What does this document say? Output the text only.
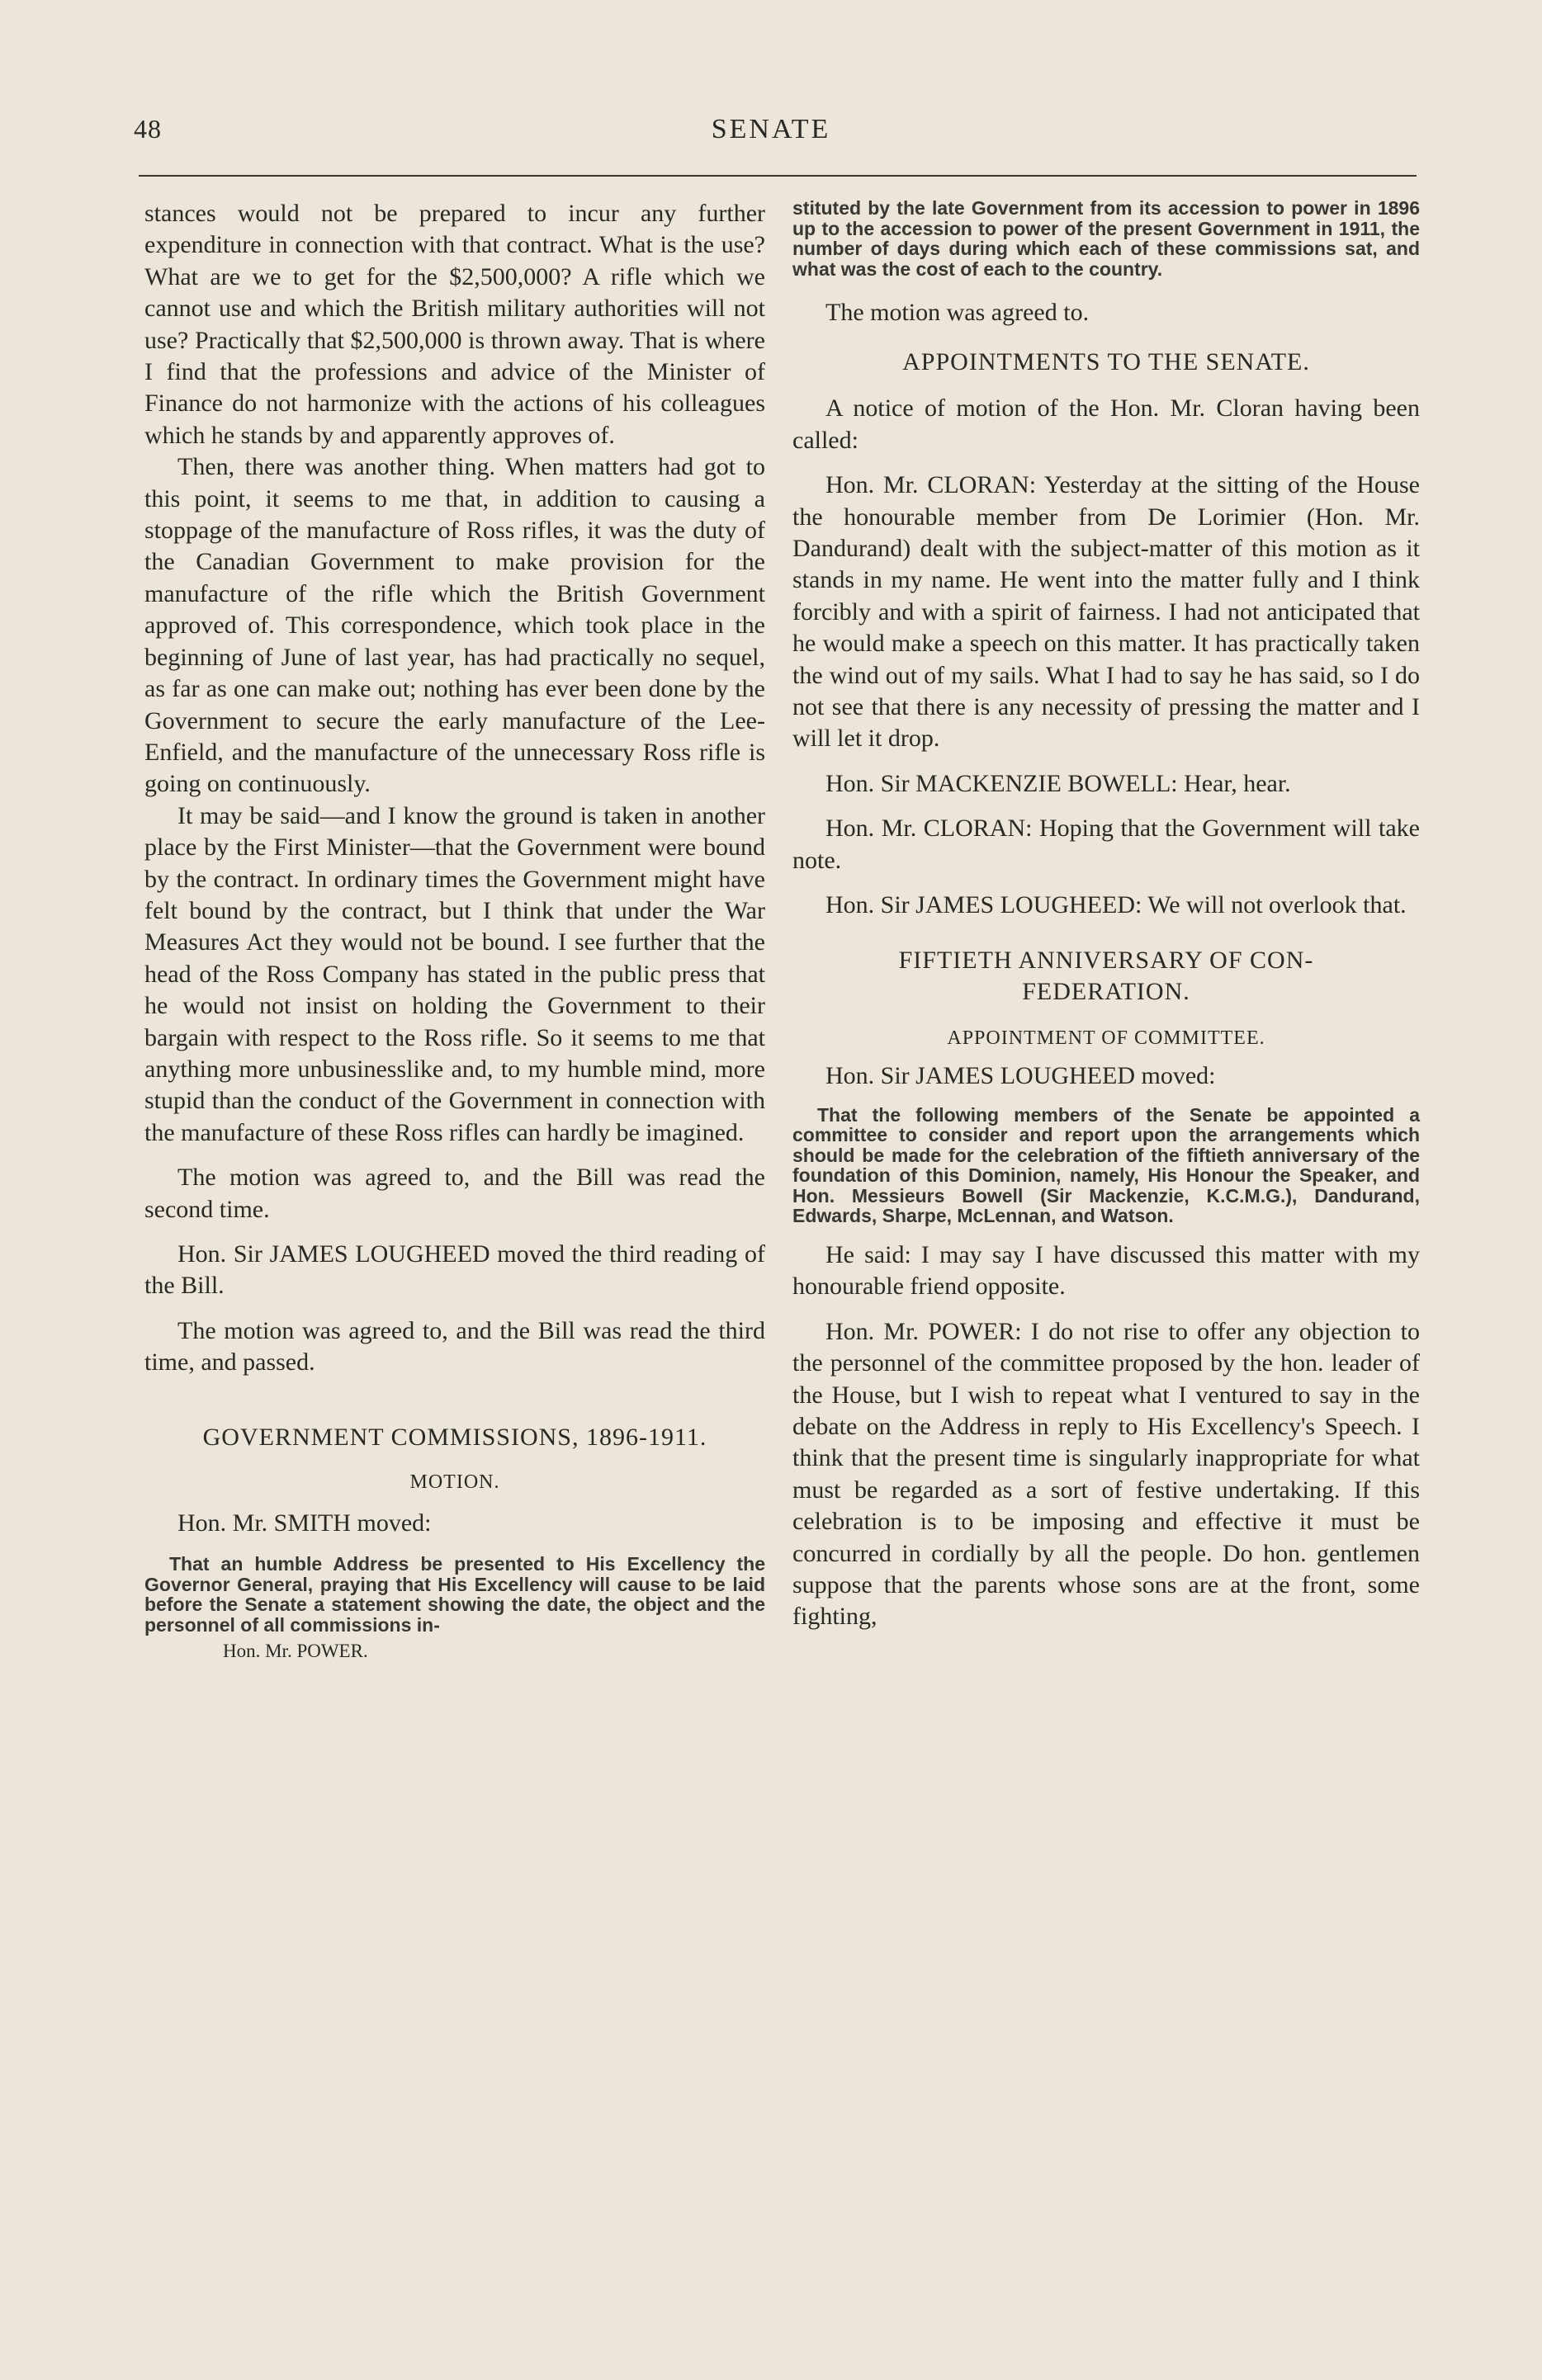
48	SENATE

stances would not be prepared to incur any further expenditure in connection with that contract. What is the use? What are we to get for the $2,500,000? A rifle which we cannot use and which the British military authorities will not use? Practically that $2,500,000 is thrown away. That is where I find that the professions and advice of the Minister of Finance do not harmonize with the actions of his colleagues which he stands by and apparently approves of.

Then, there was another thing. When matters had got to this point, it seems to me that, in addition to causing a stoppage of the manufacture of Ross rifles, it was the duty of the Canadian Government to make provision for the manufacture of the rifle which the British Government approved of. This correspondence, which took place in the beginning of June of last year, has had practically no sequel, as far as one can make out; nothing has ever been done by the Government to secure the early manufacture of the Lee-Enfield, and the manufacture of the unnecessary Ross rifle is going on continuously.

It may be said—and I know the ground is taken in another place by the First Minister—that the Government were bound by the contract. In ordinary times the Government might have felt bound by the contract, but I think that under the War Measures Act they would not be bound. I see further that the head of the Ross Company has stated in the public press that he would not insist on holding the Government to their bargain with respect to the Ross rifle. So it seems to me that anything more unbusinesslike and, to my humble mind, more stupid than the conduct of the Government in connection with the manufacture of these Ross rifles can hardly be imagined.

The motion was agreed to, and the Bill was read the second time.

Hon. Sir JAMES LOUGHEED moved the third reading of the Bill.

The motion was agreed to, and the Bill was read the third time, and passed.

GOVERNMENT COMMISSIONS, 1896-1911.

MOTION.

Hon. Mr. SMITH moved:

That an humble Address be presented to His Excellency the Governor General, praying that His Excellency will cause to be laid before the Senate a statement showing the date, the object and the personnel of all commissions in-

Hon. Mr. POWER.

stituted by the late Government from its accession to power in 1896 up to the accession to power of the present Government in 1911, the number of days during which each of these commissions sat, and what was the cost of each to the country.

The motion was agreed to.

APPOINTMENTS TO THE SENATE.

A notice of motion of the Hon. Mr. Cloran having been called:

Hon. Mr. CLORAN: Yesterday at the sitting of the House the honourable member from De Lorimier (Hon. Mr. Dandurand) dealt with the subject-matter of this motion as it stands in my name. He went into the matter fully and I think forcibly and with a spirit of fairness. I had not anticipated that he would make a speech on this matter. It has practically taken the wind out of my sails. What I had to say he has said, so I do not see that there is any necessity of pressing the matter and I will let it drop.

Hon. Sir MACKENZIE BOWELL: Hear, hear.

Hon. Mr. CLORAN: Hoping that the Government will take note.

Hon. Sir JAMES LOUGHEED: We will not overlook that.

FIFTIETH ANNIVERSARY OF CON-

FEDERATION.

APPOINTMENT OF COMMITTEE.

Hon. Sir JAMES LOUGHEED moved:

That the following members of the Senate be appointed a committee to consider and report upon the arrangements which should be made for the celebration of the fiftieth anniversary of the foundation of this Dominion, namely, His Honour the Speaker, and Hon. Messieurs Bowell (Sir Mackenzie, K.C.M.G.), Dandurand, Edwards, Sharpe, McLennan, and Watson.

He said: I may say I have discussed this matter with my honourable friend opposite.

Hon. Mr. POWER: I do not rise to offer any objection to the personnel of the committee proposed by the hon. leader of the House, but I wish to repeat what I ventured to say in the debate on the Address in reply to His Excellency's Speech. I think that the present time is singularly inappropriate for what must be regarded as a sort of festive undertaking. If this celebration is to be imposing and effective it must be concurred in cordially by all the people. Do hon. gentlemen suppose that the parents whose sons are at the front, some fighting,
